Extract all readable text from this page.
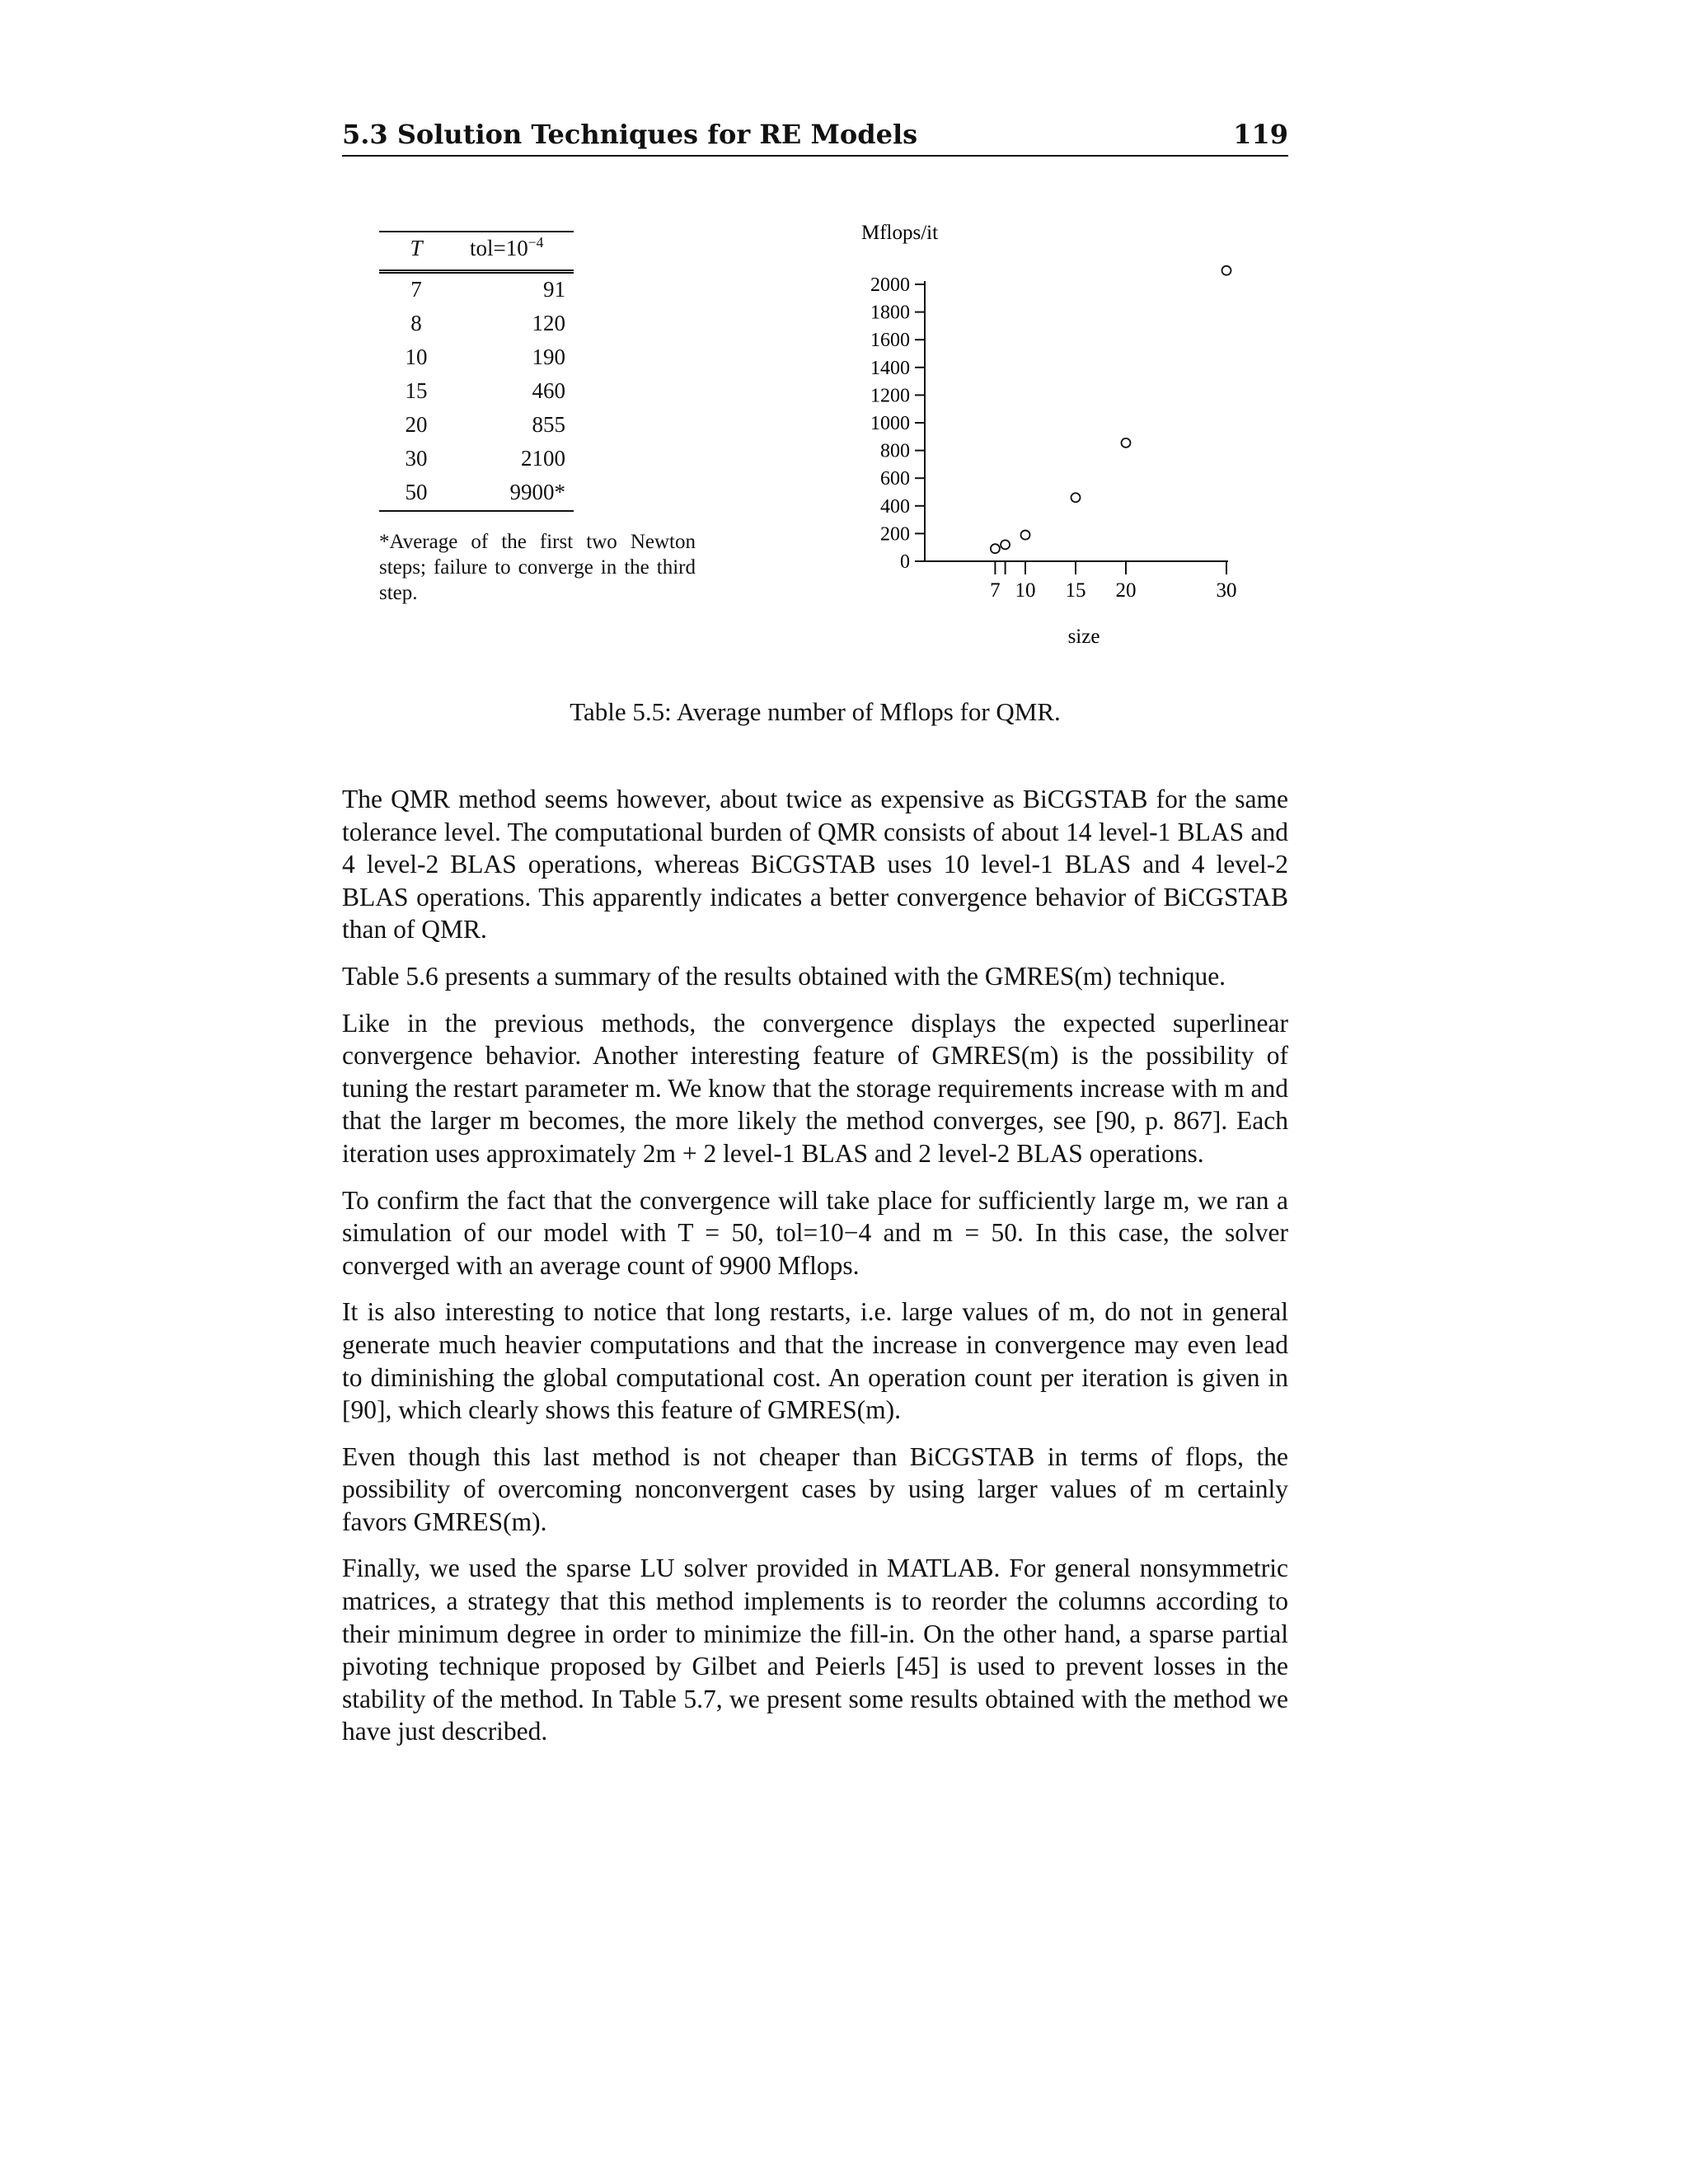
5.3 Solution Techniques for RE Models	119
T	$tol=10^{-4}$
7	91
8	120
10	190
15	460
20	855
30	2100
50	9900*
*Average of the first two Newton steps; failure to converge in the third step.
Mflops/it
size
0
200
400
600
800
1000
1200
1400
1600
1800
2000
7 10 15 20	30
Table 5.5: Average number of Mflops for QMR.

The QMR method seems however, about twice as expensive as BiCGSTAB for the same tolerance level. The computational burden of QMR consists of about 14 level-1 BLAS and 4 level-2 BLAS operations, whereas BiCGSTAB uses 10 level-1 BLAS and 4 level-2 BLAS operations. This apparently indicates a better convergence behavior of BiCGSTAB than of QMR.

Table 5.6 presents a summary of the results obtained with the GMRES(m) technique.

Like in the previous methods, the convergence displays the expected superlinear convergence behavior. Another interesting feature of GMRES(m) is the possibility of tuning the restart parameter m. We know that the storage requirements increase with m and that the larger m becomes, the more likely the method converges, see [90, p. 867]. Each iteration uses approximately 2m + 2 level-1 BLAS and 2 level-2 BLAS operations.

To confirm the fact that the convergence will take place for sufficiently large m, we ran a simulation of our model with T = 50, tol=10−4 and m = 50. In this case, the solver converged with an average count of 9900 Mflops.

It is also interesting to notice that long restarts, i.e. large values of m, do not in general generate much heavier computations and that the increase in convergence may even lead to diminishing the global computational cost. An operation count per iteration is given in [90], which clearly shows this feature of GMRES(m).

Even though this last method is not cheaper than BiCGSTAB in terms of flops, the possibility of overcoming nonconvergent cases by using larger values of m certainly favors GMRES(m).

Finally, we used the sparse LU solver provided in MATLAB. For general nonsymmetric matrices, a strategy that this method implements is to reorder the columns according to their minimum degree in order to minimize the fill-in. On the other hand, a sparse partial pivoting technique proposed by Gilbet and Peierls [45] is used to prevent losses in the stability of the method. In Table 5.7, we present some results obtained with the method we have just described.
